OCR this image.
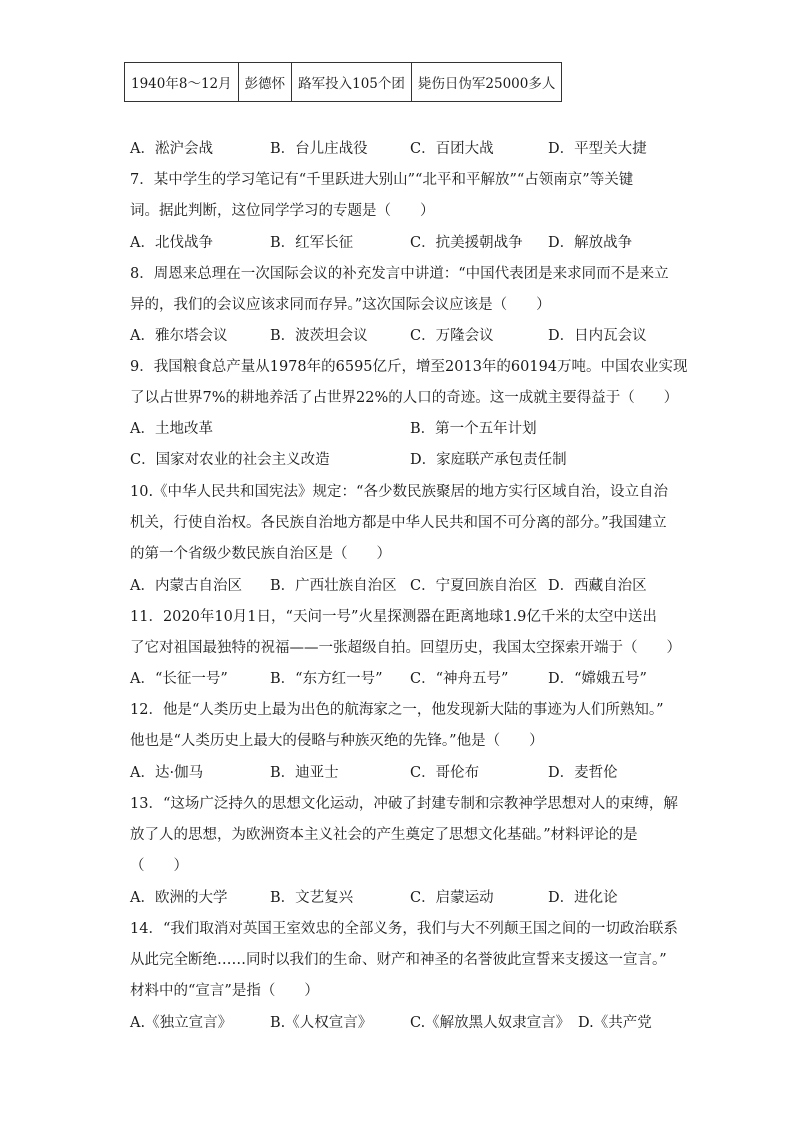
1940年8～12月	彭德怀	路军投入105个团	毙伤日伪军25000多人
A．淞沪会战	B．台儿庄战役	C．百团大战	D．平型关大捷
7．某中学生的学习笔记有“千里跃进大别山”“北平和平解放”“占领南京”等关键
词。据此判断，这位同学学习的专题是（　　）
A．北伐战争	B．红军长征	C．抗美援朝战争 D．解放战争
8．周恩来总理在一次国际会议的补充发言中讲道：“中国代表团是来求同而不是来立
异的，我们的会议应该求同而存异。”这次国际会议应该是（　　）
A．雅尔塔会议	B．波茨坦会议	C．万隆会议	D．日内瓦会议
9．我国粮食总产量从1978年的6595亿斤，增至2013年的60194万吨。中国农业实现
了以占世界7%的耕地养活了占世界22%的人口的奇迹。这一成就主要得益于（　　）
A．土地改革	B．第一个五年计划
C．国家对农业的社会主义改造	D．家庭联产承包责任制
10.《中华人民共和国宪法》规定：“各少数民族聚居的地方实行区域自治，设立自治
机关，行使自治权。各民族自治地方都是中华人民共和国不可分离的部分。”我国建立
的第一个省级少数民族自治区是（　　）
A．内蒙古自治区 B．广西壮族自治区 C．宁夏回族自治区 D．西藏自治区
11．2020年10月1日，“天问一号”火星探测器在距离地球1.9亿千米的太空中送出
了它对祖国最独特的祝福——一张超级自拍。回望历史，我国太空探索开端于（　　）
A．“长征一号”	B．“东方红一号” C．“神舟五号”	D．“嫦娥五号”
12．他是“人类历史上最为出色的航海家之一，他发现新大陆的事迹为人们所熟知。”
他也是“人类历史上最大的侵略与种族灭绝的先锋。”他是（　　）
A．达·伽马	B．迪亚士	C．哥伦布	D．麦哲伦
13．“这场广泛持久的思想文化运动，冲破了封建专制和宗教神学思想对人的束缚，解
放了人的思想，为欧洲资本主义社会的产生奠定了思想文化基础。”材料评论的是
（　　）
A．欧洲的大学	B．文艺复兴	C．启蒙运动	D．进化论
14．“我们取消对英国王室效忠的全部义务，我们与大不列颠王国之间的一切政治联系
从此完全断绝……同时以我们的生命、财产和神圣的名誉彼此宣誓来支援这一宣言。”
材料中的“宣言”是指（　　）
A.《独立宣言》	B.《人权宣言》	C.《解放黑人奴隶宣言》 D.《共产党
